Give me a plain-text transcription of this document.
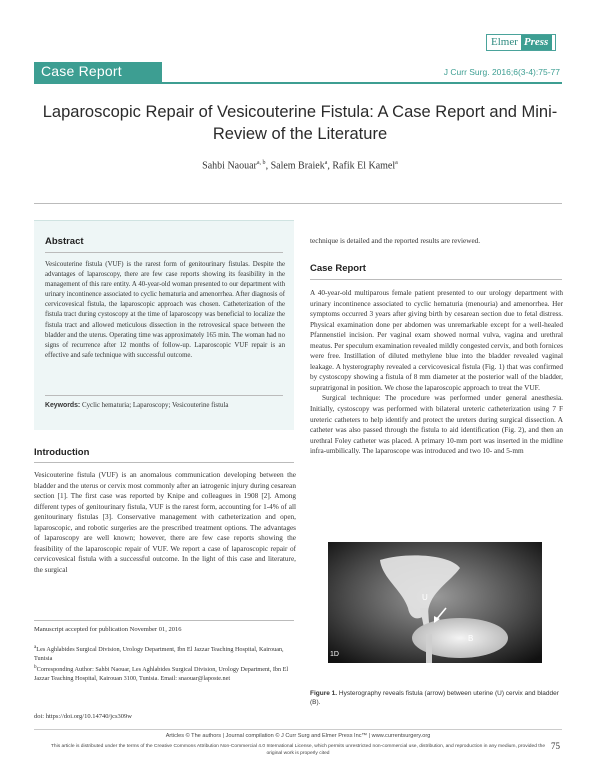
Elmer Press
Case Report	J Curr Surg. 2016;6(3-4):75-77
Laparoscopic Repair of Vesicouterine Fistula: A Case Report and Mini-Review of the Literature
Sahbi Naouar$^{a, b}$, Salem Braiek$^a$, Rafik El Kamel$^a$
Abstract
Vesicouterine fistula (VUF) is the rarest form of genitourinary fistulas. Despite the advantages of laparoscopy, there are few case reports showing its feasibility in the management of this rare entity. A 40-year-old woman presented to our department with urinary incontinence associated to cyclic hematuria and amenorrhea. After diagnosis of cervicovesical fistula, the laparoscopic approach was chosen. Catheterization of the fistula tract during cystoscopy at the time of laparoscopy was beneficial to localize the fistula tract and allowed meticulous dissection in the retrovesical space between the bladder and the uterus. Operating time was approximately 165 min. The woman had no signs of recurrence after 12 months of follow-up. Laparoscopic VUF repair is an effective and safe technique with successful outcome.
Keywords: Cyclic hematuria; Laparoscopy; Vesicouterine fistula
Introduction
Vesicouterine fistula (VUF) is an anomalous communication developing between the bladder and the uterus or cervix most commonly after an iatrogenic injury during cesarean section [1]. The first case was reported by Knipe and colleagues in 1908 [2]. Among different types of genitourinary fistula, VUF is the rarest form, accounting for 1-4% of all genitourinary fistulas [3]. Conservative management with catheterization and open, laparoscopic, and robotic surgeries are the prescribed treatment options. The advantages of laparoscopy are well known; however, there are few case reports showing the feasibility of the laparoscopic repair of VUF. We report a case of laparoscopic repair of cervicovesical fistula with a successful outcome. In the light of this case and literature, the surgical
Manuscript accepted for publication November 01, 2016
$^a$Les Aghlabides Surgical Division, Urology Department, Ibn El Jazzar Teaching Hospital, Kairouan, Tunisia
$^b$Corresponding Author: Sahbi Naouar, Les Aghlabides Surgical Division, Urology Department, Ibn El Jazzar Teaching Hospital, Kairouan 3100, Tunisia. Email: snaouar@laposte.net
doi: https://doi.org/10.14740/jcs309w
technique is detailed and the reported results are reviewed.
Case Report

A 40-year-old multiparous female patient presented to our urology department with urinary incontinence associated to cyclic hematuria (menouria) and amenorrhea. Her symptoms occurred 3 years after giving birth by cesarean section due to fetal distress. Physical examination done per abdomen was unremarkable except for a well-healed Pfannenstiel incision. Per vaginal exam showed normal vulva, vagina and urethral meatus. Per speculum examination revealed mildly congested cervix, and both fornices were free. Instillation of diluted methylene blue into the bladder revealed vaginal leakage. A hysterography revealed a cervicovesical fistula (Fig. 1) that was confirmed by cystoscopy showing a fistula of 8 mm diameter at the posterior wall of the bladder, supratrigonal in position. We chose the laparoscopic approach to treat the VUF.

Surgical technique: The procedure was performed under general anesthesia. Initially, cystoscopy was performed with bilateral ureteric catheterization using 7 F ureteric catheters to help identify and protect the ureters during surgical dissection. A catheter was also passed through the fistula to aid identification (Fig. 2), and then an urethral Foley catheter was placed. A primary 10-mm port was inserted in the midline infra-umbilically. The laparoscope was introduced and two 10- and 5-mm

U
B
1D
Figure 1. Hysterography reveals fistula (arrow) between uterine (U) cervix and bladder (B).
Articles © The authors | Journal compilation © J Curr Surg and Elmer Press Inc™ | www.currentsurgery.org
This article is distributed under the terms of the Creative Commons Attribution Non-Commercial 4.0 International License, which permits unrestricted non-commercial use, distribution, and reproduction in any medium, provided the original work is properly cited
75
